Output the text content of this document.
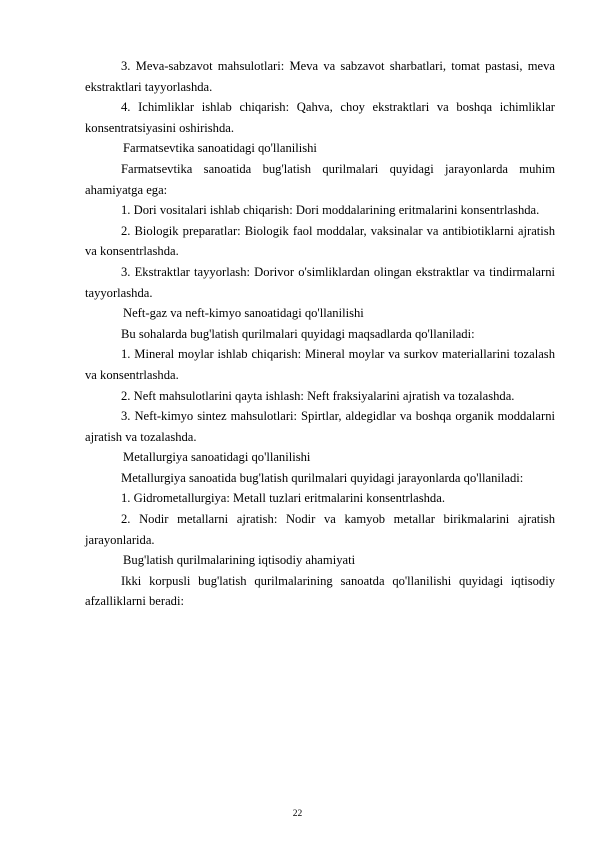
3. Meva-sabzavot mahsulotlari: Meva va sabzavot sharbatlari, tomat pastasi, meva ekstraktlari tayyorlashda.

4. Ichimliklar ishlab chiqarish: Qahva, choy ekstraktlari va boshqa ichimliklar konsentratsiyasini oshirishda.

Farmatsevtika sanoatidagi qo'llanilishi

Farmatsevtika sanoatida bug'latish qurilmalari quyidagi jarayonlarda muhim ahamiyatga ega:

1. Dori vositalari ishlab chiqarish: Dori moddalarining eritmalarini konsentrlashda.

2. Biologik preparatlar: Biologik faol moddalar, vaksinalar va antibiotiklarni ajratish va konsentrlashda.

3. Ekstraktlar tayyorlash: Dorivor o'simliklardan olingan ekstraktlar va tindirmalarni tayyorlashda.

Neft-gaz va neft-kimyo sanoatidagi qo'llanilishi

Bu sohalarda bug'latish qurilmalari quyidagi maqsadlarda qo'llaniladi:

1. Mineral moylar ishlab chiqarish: Mineral moylar va surkov materiallarini tozalash va konsentrlashda.

2. Neft mahsulotlarini qayta ishlash: Neft fraksiyalarini ajratish va tozalashda.

3. Neft-kimyo sintez mahsulotlari: Spirtlar, aldegidlar va boshqa organik moddalarni ajratish va tozalashda.

Metallurgiya sanoatidagi qo'llanilishi

Metallurgiya sanoatida bug'latish qurilmalari quyidagi jarayonlarda qo'llaniladi:

1. Gidrometallurgiya: Metall tuzlari eritmalarini konsentrlashda.

2. Nodir metallarni ajratish: Nodir va kamyob metallar birikmalarini ajratish jarayonlarida.

Bug'latish qurilmalarining iqtisodiy ahamiyati

Ikki korpusli bug'latish qurilmalarining sanoatda qo'llanilishi quyidagi iqtisodiy afzalliklarni beradi:

22
